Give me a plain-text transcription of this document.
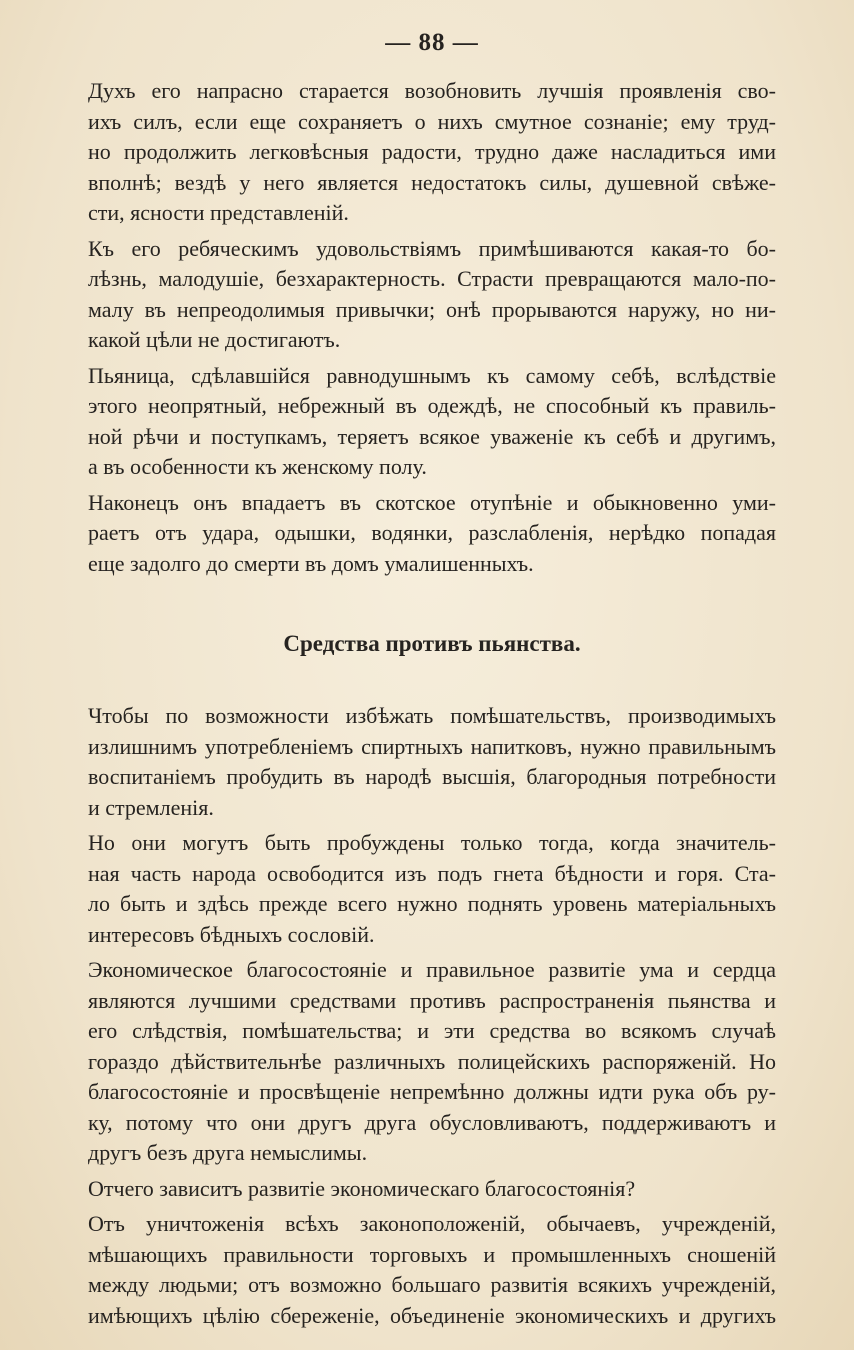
— 88 —
Духъ его напрасно старается возобновить лучшія проявленія сво-
ихъ силъ, если еще сохраняетъ о нихъ смутное сознаніе; ему труд-
но продолжить легковѣсныя радости, трудно даже насладиться ими
вполнѣ; вездѣ у него является недостатокъ силы, душевной свѣже-
сти, ясности представленій.
Къ его ребяческимъ удовольствіямъ примѣшиваются какая-то бо-
лѣзнь, малодушіе, безхарактерность. Страсти превращаются мало-по-
малу въ непреодолимыя привычки; онѣ прорываются наружу, но ни-
какой цѣли не достигаютъ.
Пьяница, сдѣлавшійся равнодушнымъ къ самому себѣ, вслѣдствіе
этого неопрятный, небрежный въ одеждѣ, не способный къ правиль-
ной рѣчи и поступкамъ, теряетъ всякое уваженіе къ себѣ и другимъ,
а въ особенности къ женскому полу.
Наконецъ онъ впадаетъ въ скотское отупѣніе и обыкновенно уми-
раетъ отъ удара, одышки, водянки, разслабленія, нерѣдко попадая
еще задолго до смерти въ домъ умалишенныхъ.
Средства противъ пьянства.
Чтобы по возможности избѣжать помѣшательствъ, производимыхъ
излишнимъ употребленіемъ спиртныхъ напитковъ, нужно правильнымъ
воспитаніемъ пробудить въ народѣ высшія, благородныя потребности
и стремленія.
Но они могутъ быть пробуждены только тогда, когда значитель-
ная часть народа освободится изъ подъ гнета бѣдности и горя. Ста-
ло быть и здѣсь прежде всего нужно поднять уровень матеріальныхъ
интересовъ бѣдныхъ сословій.
Экономическое благосостояніе и правильное развитіе ума и сердца
являются лучшими средствами противъ распространенія пьянства и
его слѣдствія, помѣшательства; и эти средства во всякомъ случаѣ
гораздо дѣйствительнѣе различныхъ полицейскихъ распоряженій. Но
благосостояніе и просвѣщеніе непремѣнно должны идти рука объ ру-
ку, потому что они другъ друга обусловливаютъ, поддерживаютъ и
другъ безъ друга немыслимы.
Отчего зависитъ развитіе экономическаго благосостоянія?
Отъ уничтоженія всѣхъ законоположеній, обычаевъ, учрежденій,
мѣшающихъ правильности торговыхъ и промышленныхъ сношеній
между людьми; отъ возможно большаго развитія всякихъ учрежденій,
имѣющихъ цѣлію сбереженіе, объединеніе экономическихъ и другихъ
